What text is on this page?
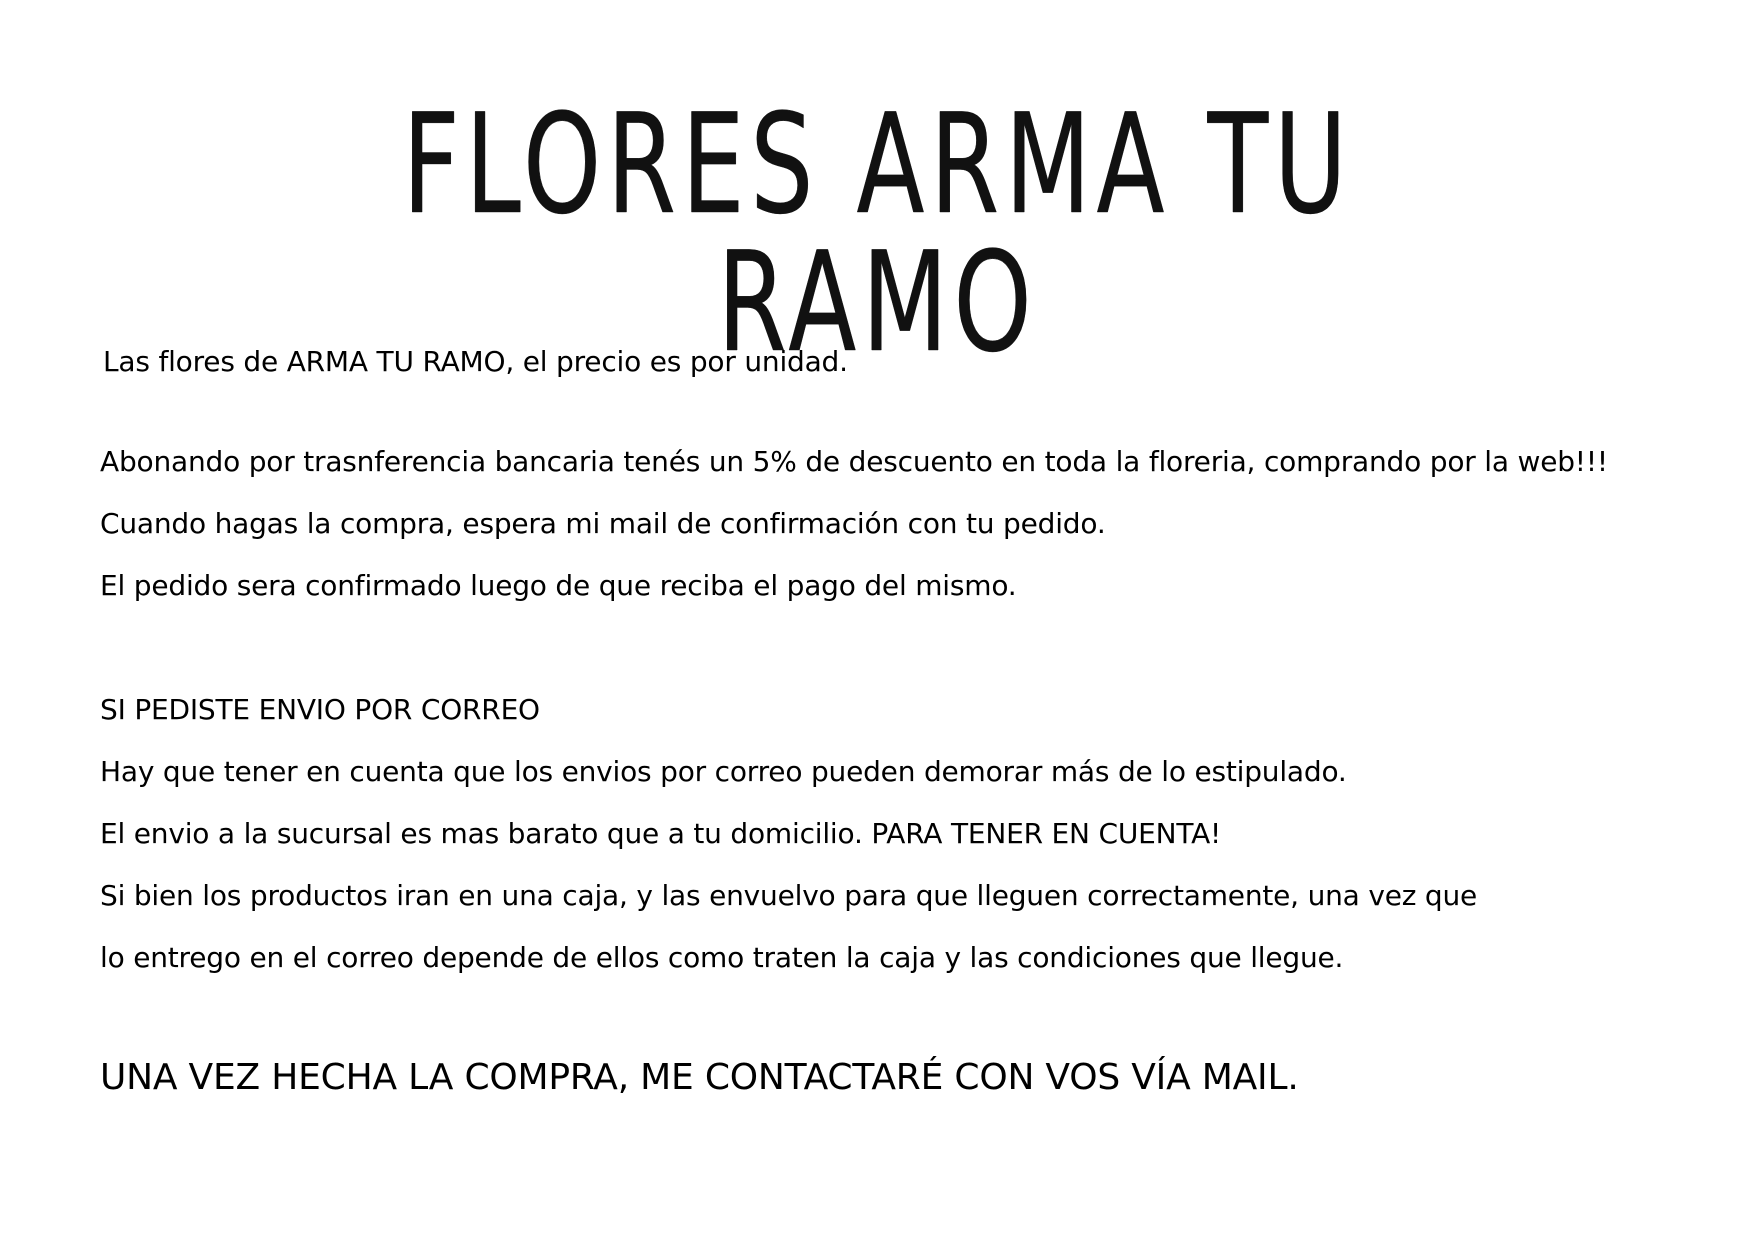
FLORES ARMA TU RAMO

Las flores de ARMA TU RAMO, el precio es por unidad.

Abonando por trasnferencia bancaria tenés un 5% de descuento en toda la floreria, comprando por la web!!!

Cuando hagas la compra, espera mi mail de confirmación con tu pedido.

El pedido sera confirmado luego de que reciba el pago del mismo.

SI PEDISTE ENVIO POR CORREO

Hay que tener en cuenta que los envios por correo pueden demorar más de lo estipulado.

El envio a la sucursal es mas barato que a tu domicilio. PARA TENER EN CUENTA!

Si bien los productos iran en una caja, y las envuelvo para que lleguen correctamente, una vez que

lo entrego en el correo depende de ellos como traten la caja y las condiciones que llegue.

UNA VEZ HECHA LA COMPRA, ME CONTACTARÉ CON VOS VÍA MAIL.
